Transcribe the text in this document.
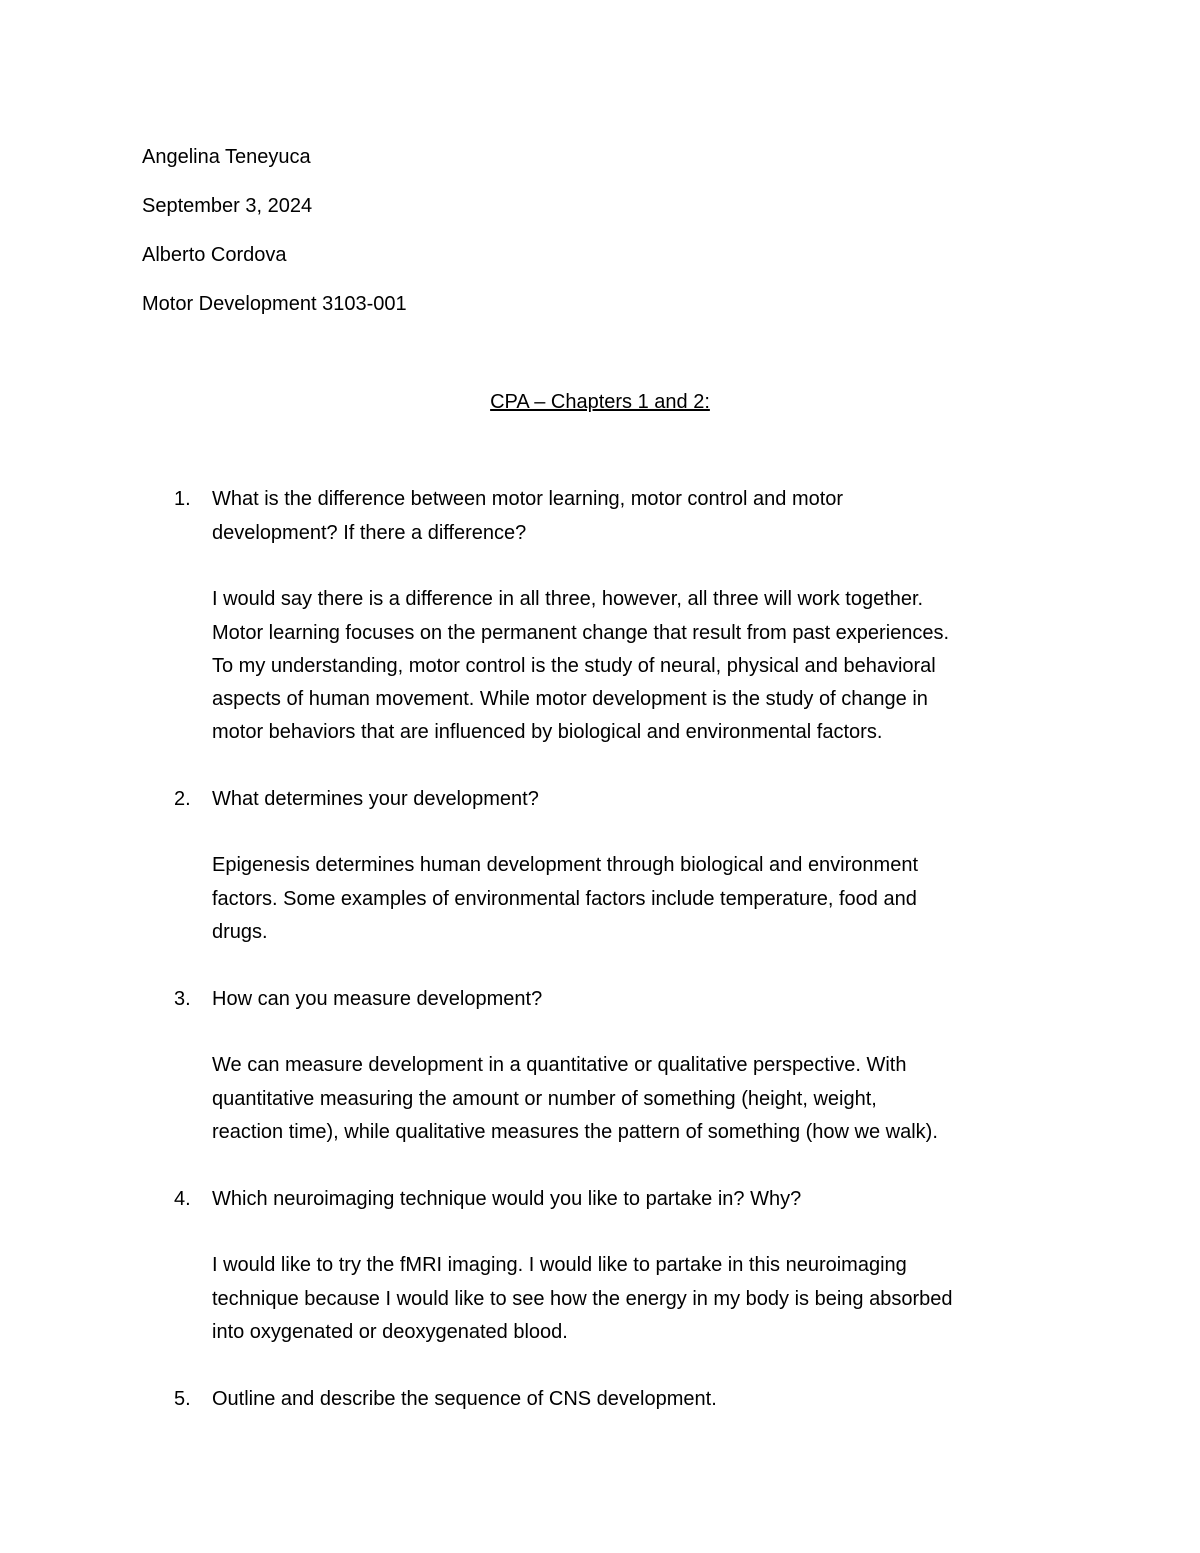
Angelina Teneyuca
September 3, 2024
Alberto Cordova
Motor Development 3103-001
CPA – Chapters 1 and 2:
1. What is the difference between motor learning, motor control and motor
development? If there a difference?
I would say there is a difference in all three, however, all three will work together.
Motor learning focuses on the permanent change that result from past experiences.
To my understanding, motor control is the study of neural, physical and behavioral
aspects of human movement. While motor development is the study of change in
motor behaviors that are influenced by biological and environmental factors.
2. What determines your development?
Epigenesis determines human development through biological and environment
factors. Some examples of environmental factors include temperature, food and
drugs.
3. How can you measure development?
We can measure development in a quantitative or qualitative perspective. With
quantitative measuring the amount or number of something (height, weight,
reaction time), while qualitative measures the pattern of something (how we walk).
4. Which neuroimaging technique would you like to partake in? Why?
I would like to try the fMRI imaging. I would like to partake in this neuroimaging
technique because I would like to see how the energy in my body is being absorbed
into oxygenated or deoxygenated blood.
5. Outline and describe the sequence of CNS development.
